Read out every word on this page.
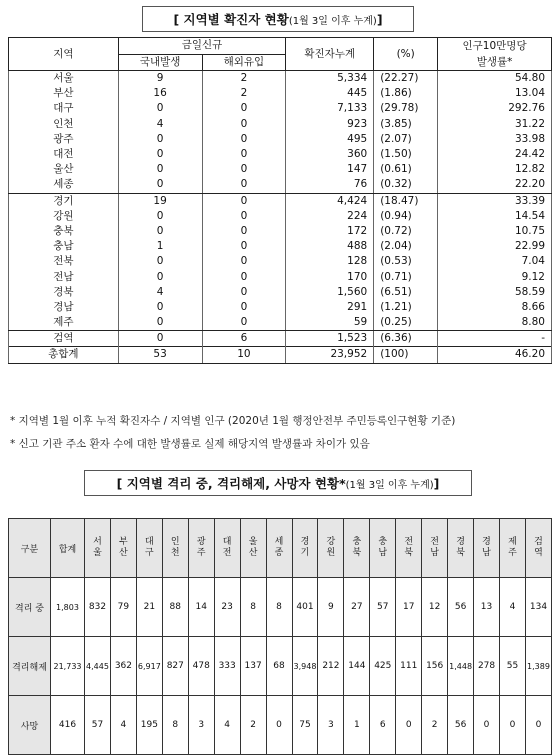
[ 지역별 확진자 현황 (1월 3일 이후 누계) ]
지역	금일신규		확진자누계	(%)	인구10만명당
발생률*

	국내발생	해외유입			
서울	9	2	5,334	(22.27)	54.80
부산	16	2	445	(1.86)	13.04
대구	0	0	7,133	(29.78)	292.76
인천	4	0	923	(3.85)	31.22
광주	0	0	495	(2.07)	33.98
대전	0	0	360	(1.50)	24.42
울산	0	0	147	(0.61)	12.82
세종	0	0	76	(0.32)	22.20
경기	19	0	4,424	(18.47)	33.39
강원	0	0	224	(0.94)	14.54
충북	0	0	172	(0.72)	10.75
충남	1	0	488	(2.04)	22.99
전북	0	0	128	(0.53)	7.04
전남	0	0	170	(0.71)	9.12
경북	4	0	1,560	(6.51)	58.59
경남	0	0	291	(1.21)	8.66
제주	0	0	59	(0.25)	8.80
검역	0	6	1,523	(6.36)	-
총합계	53	10	23,952	(100)	46.20
* 지역별 1월 이후 누적 확진자수 / 지역별 인구 (2020년 1월 행정안전부 주민등록인구현황 기준)
* 신고 기관 주소 환자 수에 대한 발생률로 실제 해당지역 발생률과 차이가 있음
[ 지역별 격리 중, 격리해제, 사망자 현황 * (1월 3일 이후 누계) ]
구분	합계	서울	부산	대구	인천	광주	대전	울산	세종	경기	강원	충북	충남	전북	전남	경북	경남	제주	검역
격리 중	1,803	832	79	21	88	14	23	8	8	401	9	27	57	17	12	56	13	4	134
격리해제	21,733	4,445	362	6,917	827	478	333	137	68	3,948	212	144	425	111	156	1,448	278	55	1,389
사망	416	57	4	195	8	3	4	2	0	75	3	1	6	0	2	56	0	0	0
